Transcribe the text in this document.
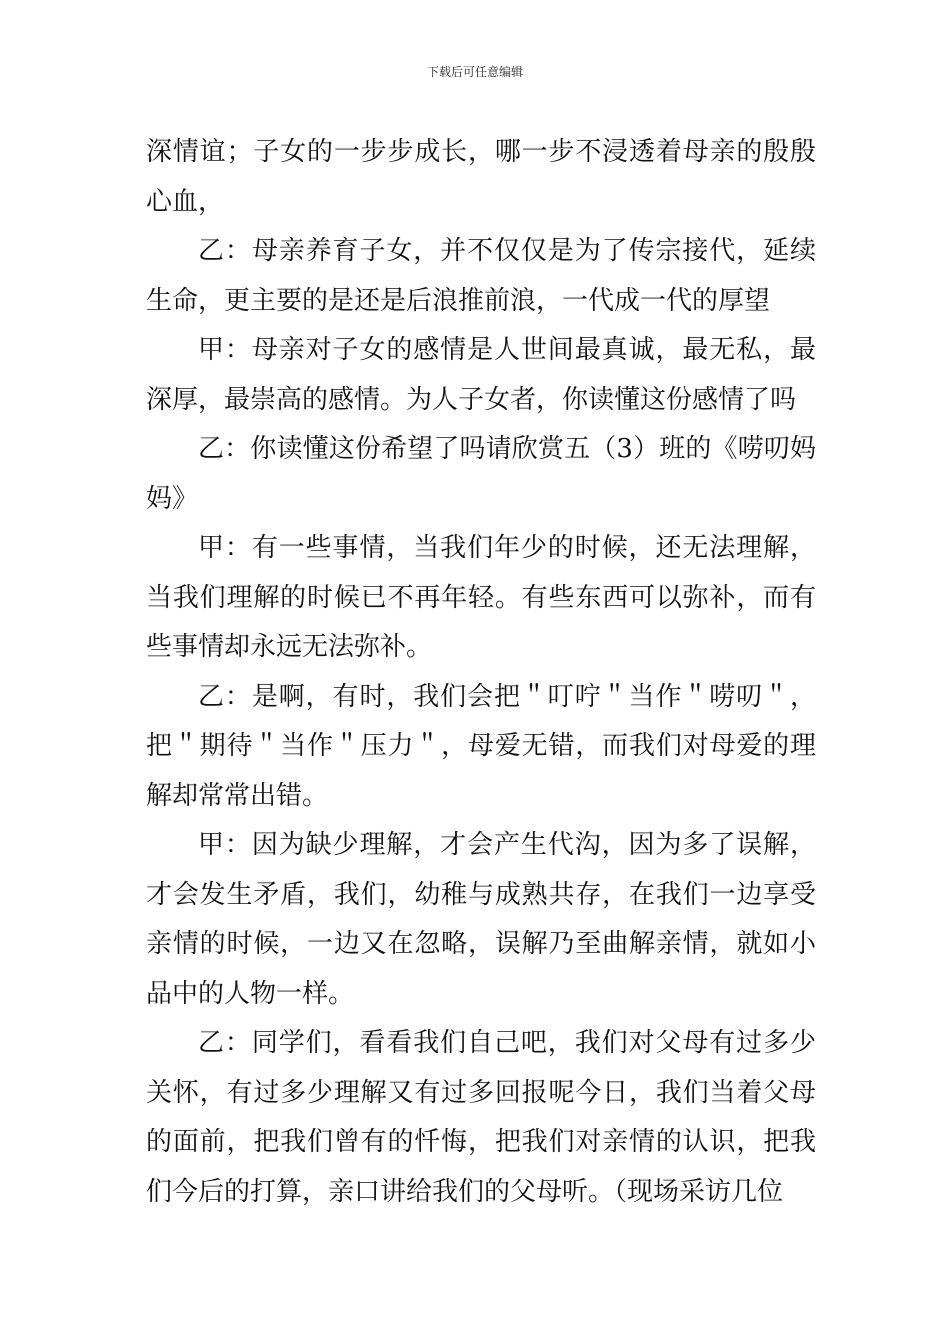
下载后可任意编辑

深情谊；子女的一步步成长，哪一步不浸透着母亲的殷殷心血，

乙：母亲养育子女，并不仅仅是为了传宗接代，延续生命，更主要的是还是后浪推前浪，一代成一代的厚望

甲：母亲对子女的感情是人世间最真诚，最无私，最深厚，最崇高的感情。为人子女者，你读懂这份感情了吗

乙：你读懂这份希望了吗请欣赏五（3）班的《唠叨妈妈》

甲：有一些事情，当我们年少的时候，还无法理解，当我们理解的时候已不再年轻。有些东西可以弥补，而有些事情却永远无法弥补。

乙：是啊，有时，我们会把＂叮咛＂当作＂唠叨＂，把＂期待＂当作＂压力＂，母爱无错，而我们对母爱的理解却常常出错。

甲：因为缺少理解，才会产生代沟，因为多了误解，才会发生矛盾，我们，幼稚与成熟共存，在我们一边享受亲情的时候，一边又在忽略，误解乃至曲解亲情，就如小品中的人物一样。

乙：同学们，看看我们自己吧，我们对父母有过多少关怀，有过多少理解又有过多回报呢今日，我们当着父母的面前，把我们曾有的忏悔，把我们对亲情的认识，把我们今后的打算，亲口讲给我们的父母听。（现场采访几位
